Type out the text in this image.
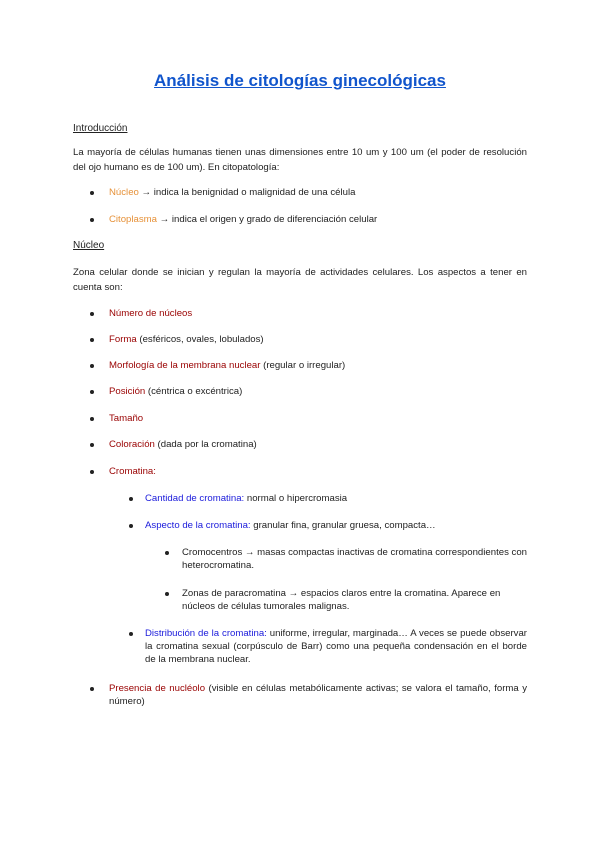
Análisis de citologías ginecológicas
Introducción
La mayoría de células humanas tienen unas dimensiones entre 10 um y 100 um (el poder de resolución del ojo humano es de 100 um). En citopatología:
Núcleo → indica la benignidad o malignidad de una célula
Citoplasma → indica el origen y grado de diferenciación celular
Núcleo
Zona celular donde se inician y regulan la mayoría de actividades celulares. Los aspectos a tener en cuenta son:
Número de núcleos
Forma (esféricos, ovales, lobulados)
Morfología de la membrana nuclear (regular o irregular)
Posición (céntrica o excéntrica)
Tamaño
Coloración (dada por la cromatina)
Cromatina:
Cantidad de cromatina: normal o hipercromasia
Aspecto de la cromatina: granular fina, granular gruesa, compacta…
Cromocentros → masas compactas inactivas de cromatina correspondientes con heterocromatina.
Zonas de paracromatina → espacios claros entre la cromatina. Aparece en núcleos de células tumorales malignas.
Distribución de la cromatina: uniforme, irregular, marginada… A veces se puede observar la cromatina sexual (corpúsculo de Barr) como una pequeña condensación en el borde de la membrana nuclear.
Presencia de nucléolo (visible en células metabólicamente activas; se valora el tamaño, forma y número)
